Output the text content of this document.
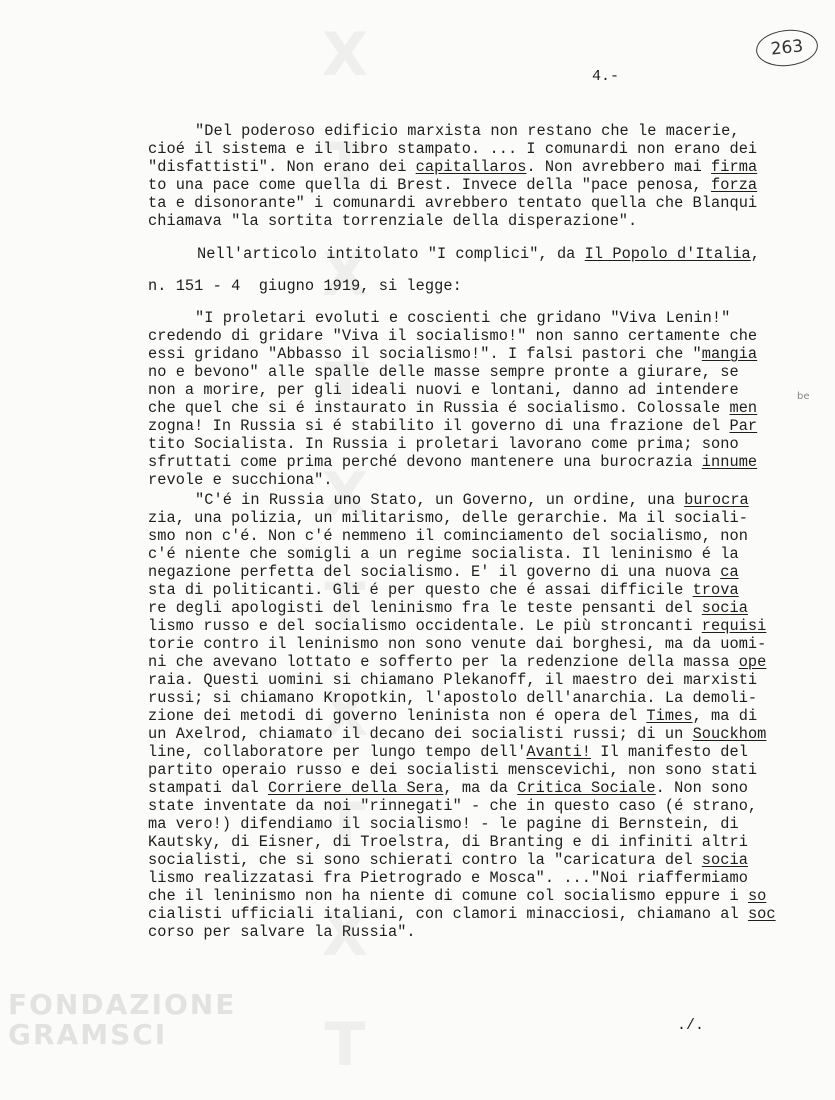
X
T
X
T
X
T
X
T
X
T
263
4.-
"Del poderoso edificio marxista non restano che le macerie,
cioé il sistema e il libro stampato. ... I comunardi non erano dei
"disfattisti". Non erano dei capitallaros. Non avrebbero mai firma
to una pace come quella di Brest. Invece della "pace penosa, forza
ta e disonorante" i comunardi avrebbero tentato quella che Blanqui
chiamava "la sortita torrenziale della disperazione".
Nell'articolo intitolato "I complici", da Il Popolo d'Italia,
n. 151 - 4  giugno 1919, si legge:
"I proletari evoluti e coscienti che gridano "Viva Lenin!"
credendo di gridare "Viva il socialismo!" non sanno certamente che
essi gridano "Abbasso il socialismo!". I falsi pastori che "mangia
no e bevono" alle spalle delle masse sempre pronte a giurare, se
non a morire, per gli ideali nuovi e lontani, danno ad intendere
che quel che si é instaurato in Russia é socialismo. Colossale men
zogna! In Russia si é stabilito il governo di una frazione del Par
tito Socialista. In Russia i proletari lavorano come prima; sono
sfruttati come prima perché devono mantenere una burocrazia innume
revole e succhiona".
"C'é in Russia uno Stato, un Governo, un ordine, una burocra
zia, una polizia, un militarismo, delle gerarchie. Ma il sociali-
smo non c'é. Non c'é nemmeno il cominciamento del socialismo, non
c'é niente che somigli a un regime socialista. Il leninismo é la
negazione perfetta del socialismo. E' il governo di una nuova ca
sta di politicanti. Gli é per questo che é assai difficile trova
re degli apologisti del leninismo fra le teste pensanti del socia
lismo russo e del socialismo occidentale. Le più stroncanti requisi
torie contro il leninismo non sono venute dai borghesi, ma da uomi-
ni che avevano lottato e sofferto per la redenzione della massa ope
raia. Questi uomini si chiamano Plekanoff, il maestro dei marxisti
russi; si chiamano Kropotkin, l'apostolo dell'anarchia. La demoli-
zione dei metodi di governo leninista non é opera del Times, ma di
un Axelrod, chiamato il decano dei socialisti russi; di un Souckhom
line, collaboratore per lungo tempo dell'Avanti! Il manifesto del
partito operaio russo e dei socialisti menscevichi, non sono stati
stampati dal Corriere della Sera, ma da Critica Sociale. Non sono
state inventate da noi "rinnegati" - che in questo caso (é strano,
ma vero!) difendiamo il socialismo! - le pagine di Bernstein, di
Kautsky, di Eisner, di Troelstra, di Branting e di infiniti altri
socialisti, che si sono schierati contro la "caricatura del socia
lismo realizzatasi fra Pietrogrado e Mosca". ..."Noi riaffermiamo
che il leninismo non ha niente di comune col socialismo eppure i so
cialisti ufficiali italiani, con clamori minacciosi, chiamano al soc
corso per salvare la Russia".
be
./.
FONDAZIONE
GRAMSCI
